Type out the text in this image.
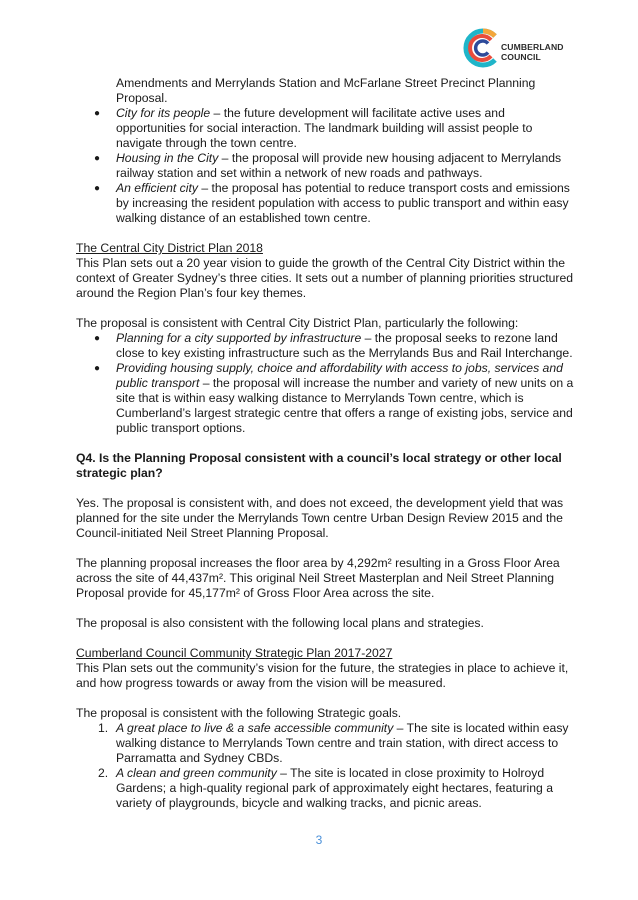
CUMBERLAND
COUNCIL
Amendments and Merrylands Station and McFarlane Street Precinct Planning
Proposal.
● City for its people – the future development will facilitate active uses and opportunities for social interaction. The landmark building will assist people to navigate through the town centre.
● Housing in the City – the proposal will provide new housing adjacent to Merrylands railway station and set within a network of new roads and pathways.
● An efficient city – the proposal has potential to reduce transport costs and emissions by increasing the resident population with access to public transport and within easy walking distance of an established town centre.
The Central City District Plan 2018

This Plan sets out a 20 year vision to guide the growth of the Central City District within the context of Greater Sydney’s three cities. It sets out a number of planning priorities structured around the Region Plan’s four key themes.

The proposal is consistent with Central City District Plan, particularly the following:

● Planning for a city supported by infrastructure – the proposal seeks to rezone land close to key existing infrastructure such as the Merrylands Bus and Rail Interchange.
● Providing housing supply, choice and affordability with access to jobs, services and public transport – the proposal will increase the number and variety of new units on a site that is within easy walking distance to Merrylands Town centre, which is Cumberland’s largest strategic centre that offers a range of existing jobs, service and public transport options.
Q4. Is the Planning Proposal consistent with a council’s local strategy or other local strategic plan?

Yes. The proposal is consistent with, and does not exceed, the development yield that was planned for the site under the Merrylands Town centre Urban Design Review 2015 and the Council-initiated Neil Street Planning Proposal.

The planning proposal increases the floor area by 4,292m² resulting in a Gross Floor Area across the site of 44,437m². This original Neil Street Masterplan and Neil Street Planning Proposal provide for 45,177m² of Gross Floor Area across the site.

The proposal is also consistent with the following local plans and strategies.

Cumberland Council Community Strategic Plan 2017-2027

This Plan sets out the community’s vision for the future, the strategies in place to achieve it, and how progress towards or away from the vision will be measured.

The proposal is consistent with the following Strategic goals.

1. A great place to live & a safe accessible community – The site is located within easy walking distance to Merrylands Town centre and train station, with direct access to Parramatta and Sydney CBDs.
2. A clean and green community – The site is located in close proximity to Holroyd Gardens; a high-quality regional park of approximately eight hectares, featuring a variety of playgrounds, bicycle and walking tracks, and picnic areas.
3
